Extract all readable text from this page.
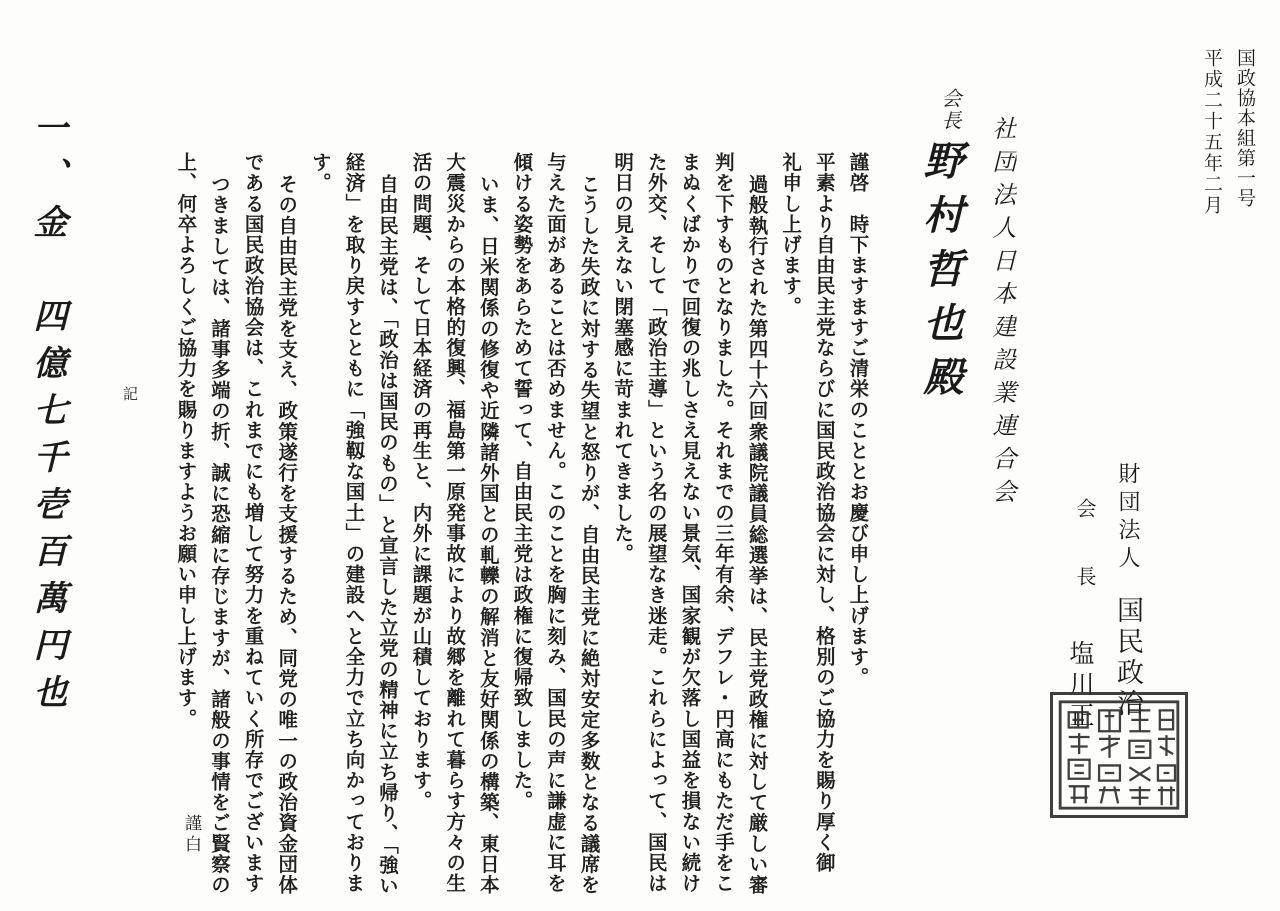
国政協本組第一号
平成二十五年二月
財団法人
会　長
国民政治
塩川正
社団法人日本建設業連合会
会長
野村哲也殿
謹啓　時下ますますご清栄のこととお慶び申し上げます。
平素より自由民主党ならびに国民政治協会に対し、格別のご協力を賜り厚く御
礼申し上げます。
過般執行された第四十六回衆議院議員総選挙は、民主党政権に対して厳しい審
判を下すものとなりました。それまでの三年有余、デフレ・円高にもただ手をこ
まぬくばかりで回復の兆しさえ見えない景気、国家観が欠落し国益を損ない続け
た外交、そして「政治主導」という名の展望なき迷走。これらによって、国民は
明日の見えない閉塞感に苛まれてきました。
こうした失政に対する失望と怒りが、自由民主党に絶対安定多数となる議席を
与えた面があることは否めません。このことを胸に刻み、国民の声に謙虚に耳を
傾ける姿勢をあらためて誓って、自由民主党は政権に復帰致しました。
いま、日米関係の修復や近隣諸外国との軋轢の解消と友好関係の構築、東日本
大震災からの本格的復興、福島第一原発事故により故郷を離れて暮らす方々の生
活の問題、そして日本経済の再生と、内外に課題が山積しております。
自由民主党は、「政治は国民のもの」と宣言した立党の精神に立ち帰り、「強い
経済」を取り戻すとともに「強靱な国土」の建設へと全力で立ち向かっておりま
す。
その自由民主党を支え、政策遂行を支援するため、同党の唯一の政治資金団体
である国民政治協会は、これまでにも増して努力を重ねていく所存でございます
つきましては、諸事多端の折、誠に恐縮に存じますが、諸般の事情をご賢察の
上、何卒よろしくご協力を賜りますようお願い申し上げます。
謹白
記
一、金　四億七千壱百萬円也
